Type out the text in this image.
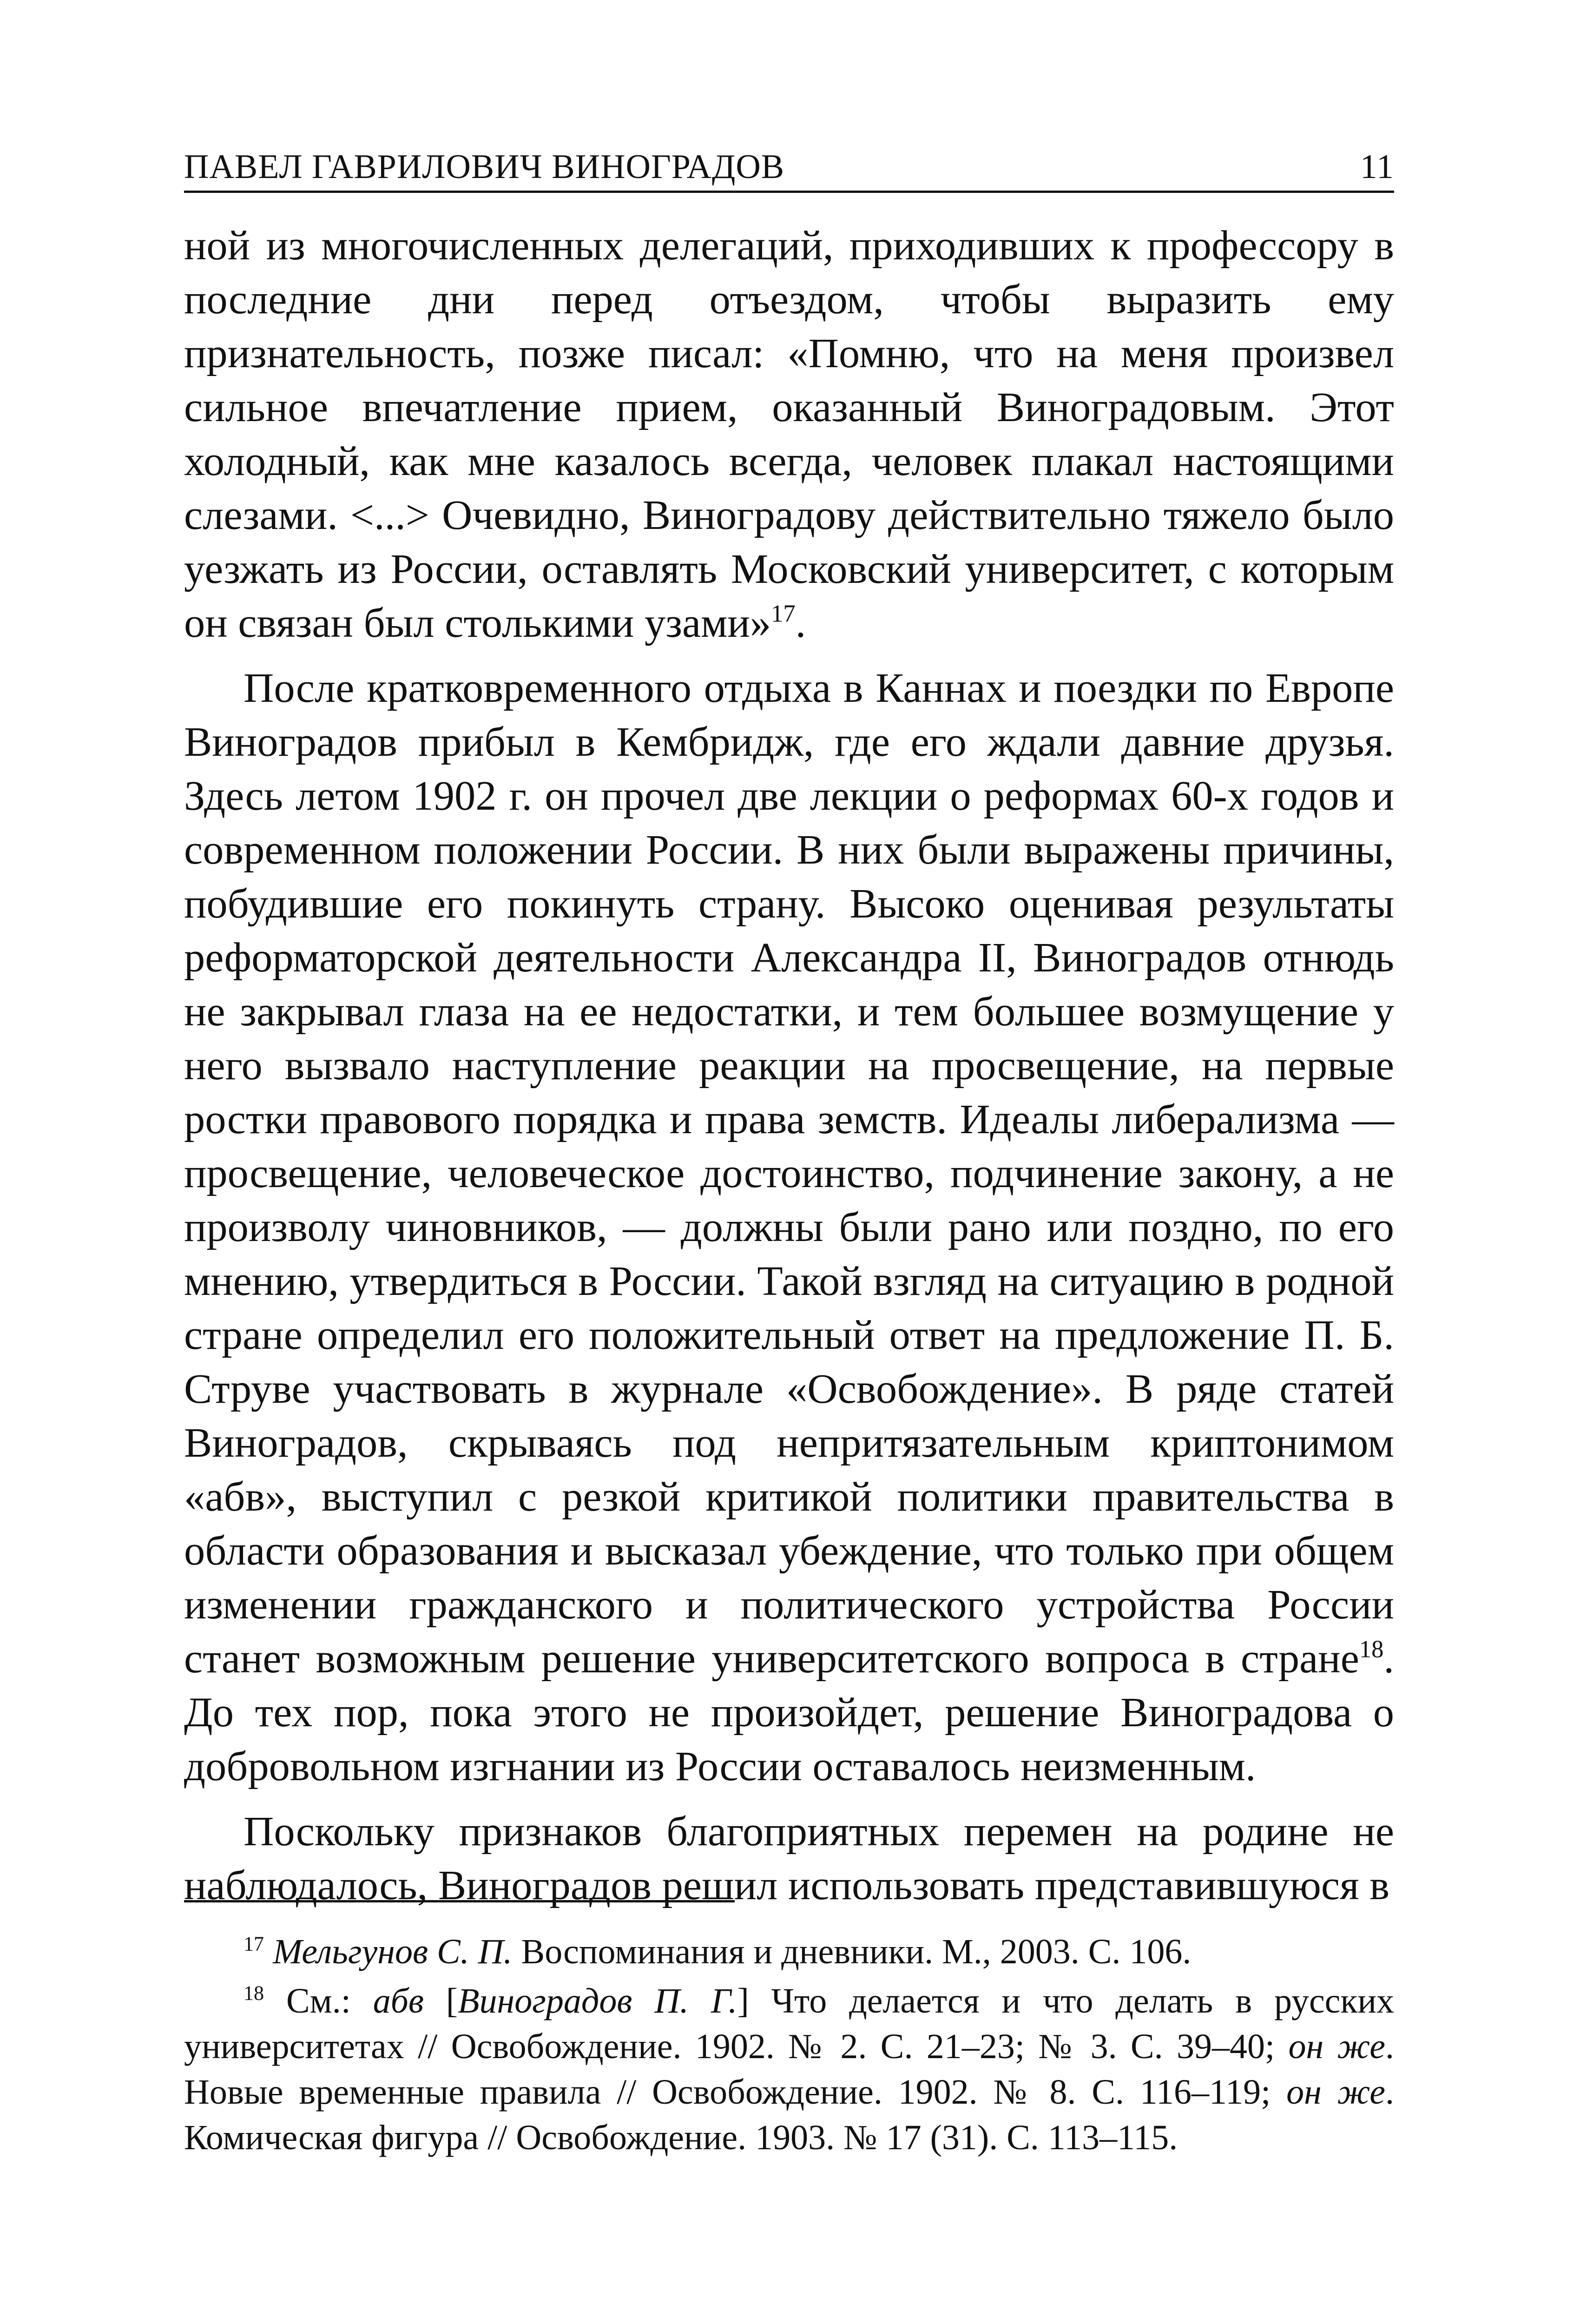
ПАВЕЛ ГАВРИЛОВИЧ ВИНОГРАДОВ	11

ной из многочисленных делегаций, приходивших к профессору в последние дни перед отъездом, чтобы выразить ему признательность, позже писал: «Помню, что на меня произвел сильное впечатление прием, оказанный Виноградовым. Этот холодный, как мне казалось всегда, человек плакал настоящими слезами. <...> Очевидно, Виноградову действительно тяжело было уезжать из России, оставлять Московский университет, с которым он связан был столькими узами»$^{17}$.

После кратковременного отдыха в Каннах и поездки по Европе Виноградов прибыл в Кембридж, где его ждали давние друзья. Здесь летом 1902 г. он прочел две лекции о реформах 60-х годов и современном положении России. В них были выражены причины, побудившие его покинуть страну. Высоко оценивая результаты реформаторской деятельности Александра II, Виноградов отнюдь не закрывал глаза на ее недостатки, и тем большее возмущение у него вызвало наступление реакции на просвещение, на первые ростки правового порядка и права земств. Идеалы либерализма — просвещение, человеческое достоинство, подчинение закону, а не произволу чиновников, — должны были рано или поздно, по его мнению, утвердиться в России. Такой взгляд на ситуацию в родной стране определил его положительный ответ на предложение П. Б. Струве участвовать в журнале «Освобождение». В ряде статей Виноградов, скрываясь под непритязательным криптонимом «абв», выступил с резкой критикой политики правительства в области образования и высказал убеждение, что только при общем изменении гражданского и политического устройства России станет возможным решение университетского вопроса в стране$^{18}$. До тех пор, пока этого не произойдет, решение Виноградова о добровольном изгнании из России оставалось неизменным.

Поскольку признаков благоприятных перемен на родине не наблюдалось, Виноградов решил использовать представившуюся в

$^{17}$ Мельгунов С. П. Воспоминания и дневники. М., 2003. С. 106.

$^{18}$ См.: абв [Виноградов П. Г.] Что делается и что делать в русских университетах // Освобождение. 1902. № 2. С. 21–23; № 3. С. 39–40; он же. Новые временные правила // Освобождение. 1902. № 8. С. 116–119; он же. Комическая фигура // Освобождение. 1903. № 17 (31). С. 113–115.
